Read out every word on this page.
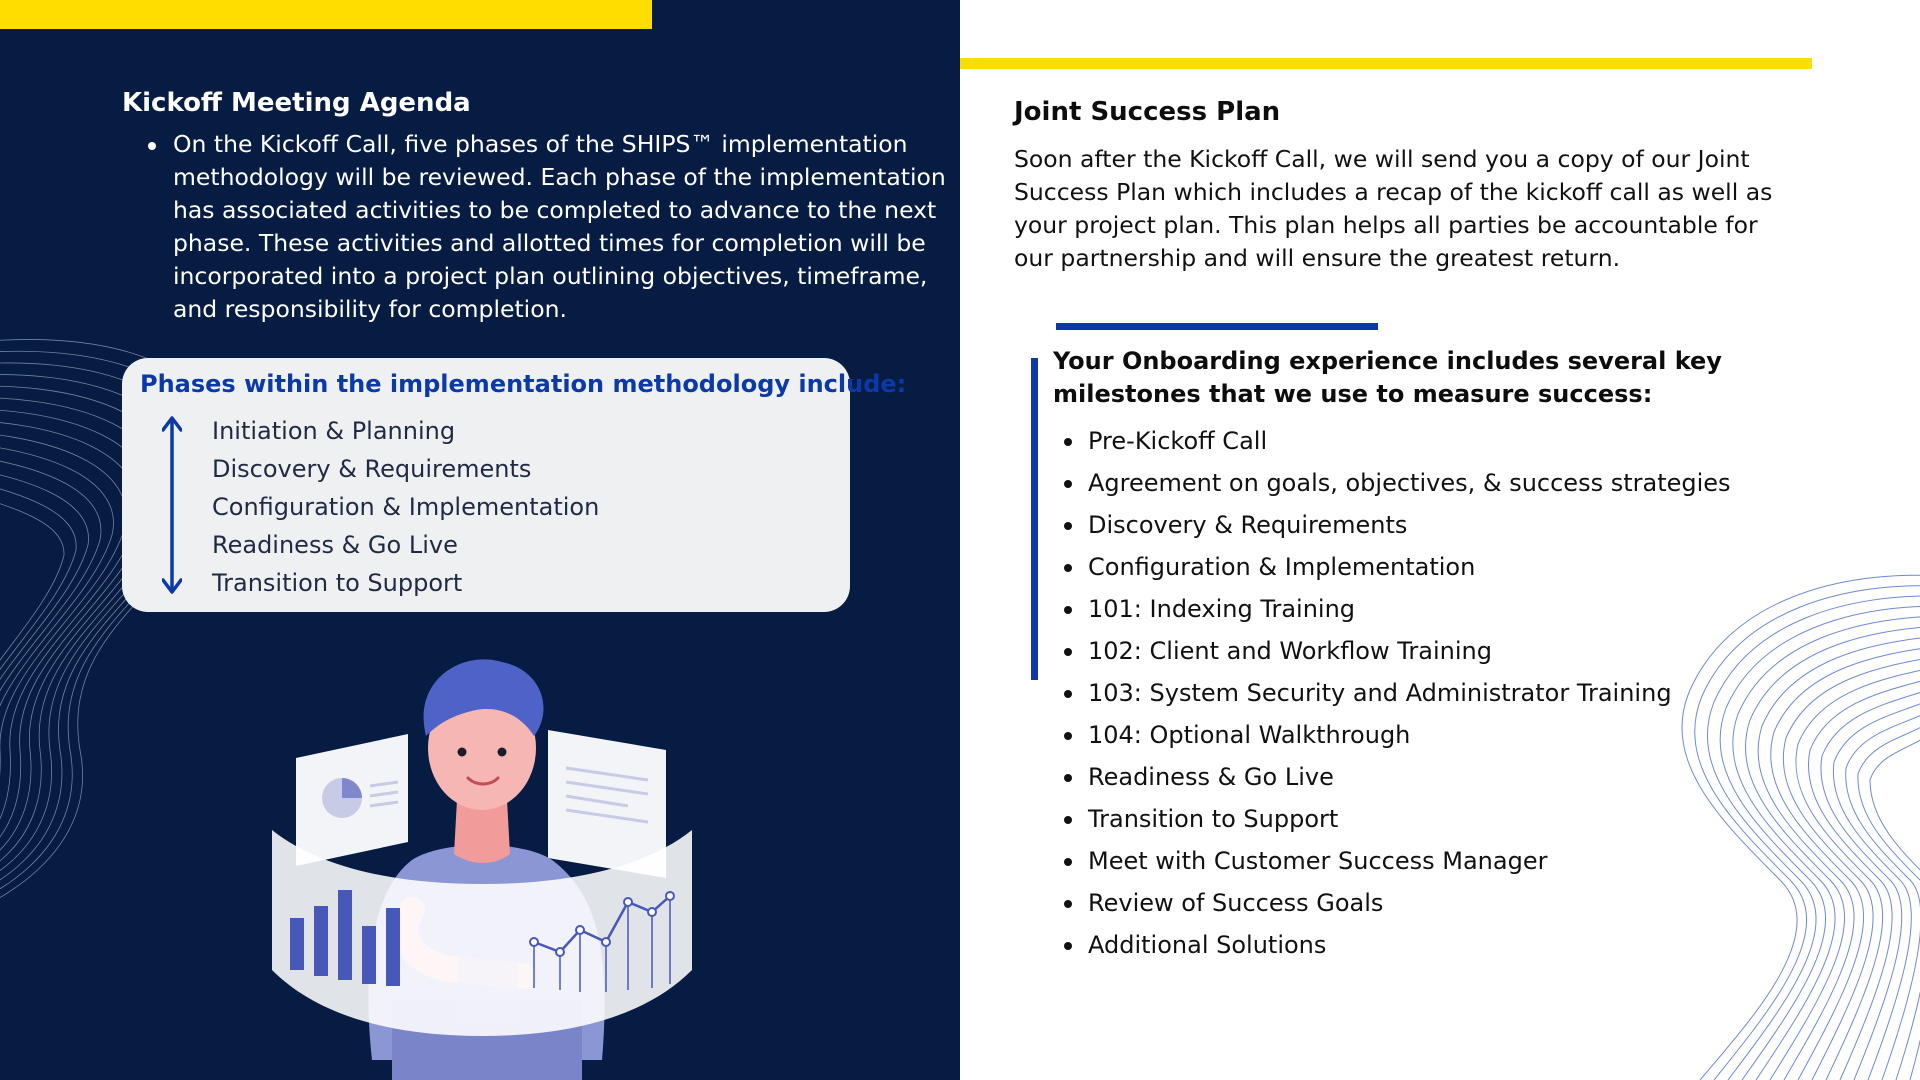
Kickoff Meeting Agenda
On the Kickoff Call, five phases of the SHIPS™ implementation methodology will be reviewed. Each phase of the implementation has associated activities to be completed to advance to the next phase. These activities and allotted times for completion will be incorporated into a project plan outlining objectives, timeframe, and responsibility for completion.
Phases within the implementation methodology include:
Initiation & Planning
Discovery & Requirements
Configuration & Implementation
Readiness & Go Live
Transition to Support
Joint Success Plan

Soon after the Kickoff Call, we will send you a copy of our Joint Success Plan which includes a recap of the kickoff call as well as your project plan. This plan helps all parties be accountable for our partnership and will ensure the greatest return.

Your Onboarding experience includes several key milestones that we use to measure success:
Pre-Kickoff Call
Agreement on goals, objectives, & success strategies
Discovery & Requirements
Configuration & Implementation
101: Indexing Training
102: Client and Workflow Training
103: System Security and Administrator Training
104: Optional Walkthrough
Readiness & Go Live
Transition to Support
Meet with Customer Success Manager
Review of Success Goals
Additional Solutions
